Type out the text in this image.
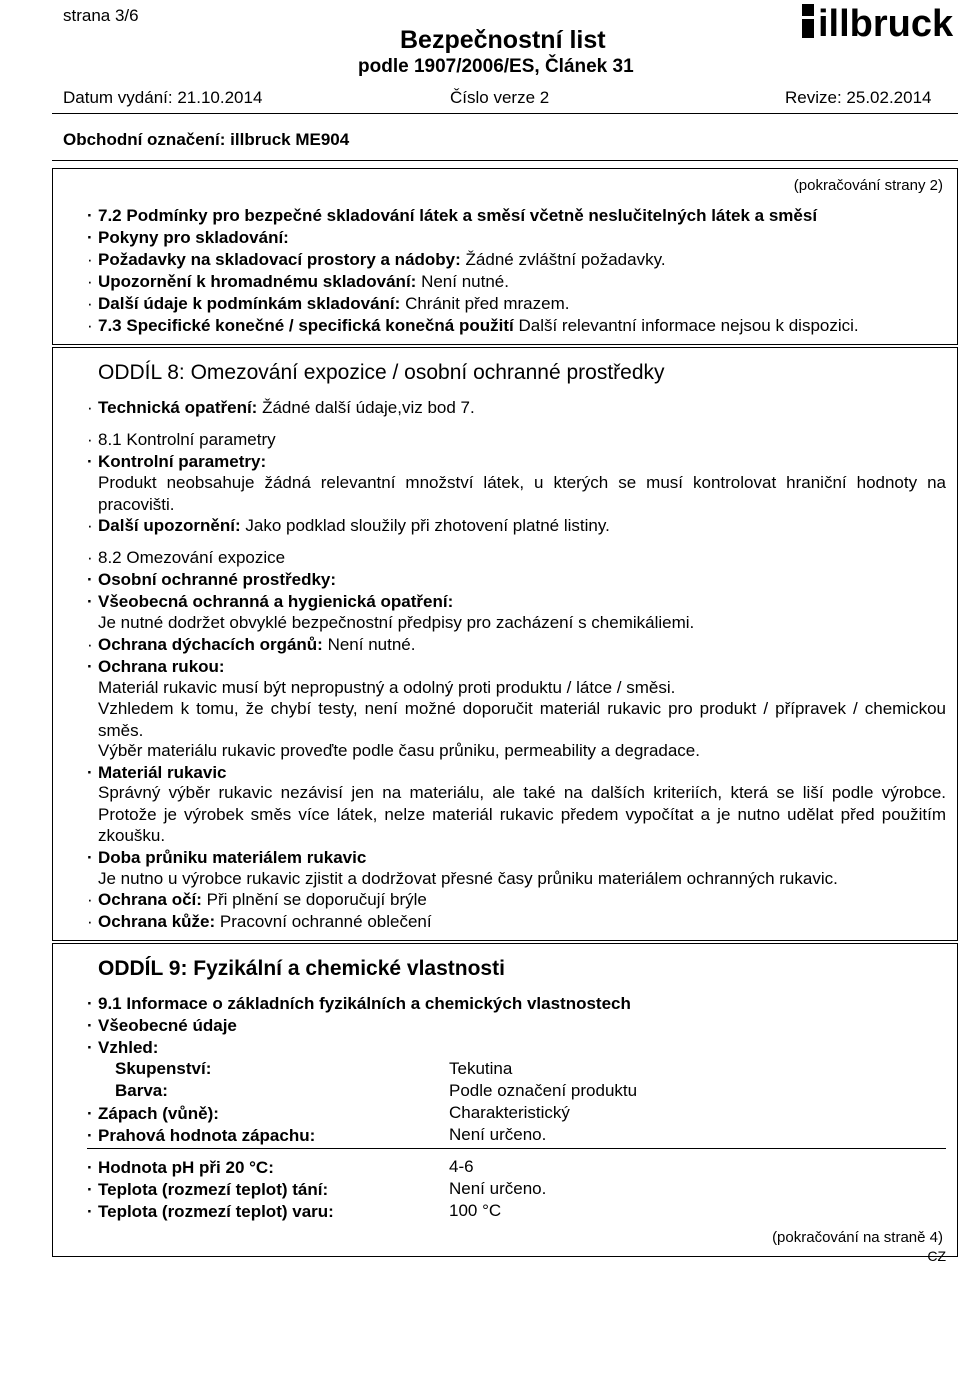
strana 3/6
Bezpečnostní list
podle 1907/2006/ES, Článek 31
illbruck
Datum vydání: 21.10.2014	Číslo verze 2	Revize: 25.02.2014
Obchodní označení: illbruck ME904
(pokračování strany 2)
· 7.2 Podmínky pro bezpečné skladování látek a směsí včetně neslučitelných látek a směsí
· Pokyny pro skladování:
· Požadavky na skladovací prostory a nádoby: Žádné zvláštní požadavky.
· Upozornění k hromadnému skladování: Není nutné.
· Další údaje k podmínkám skladování: Chránit před mrazem.
· 7.3 Specifické konečné / specifická konečná použití Další relevantní informace nejsou k dispozici.
ODDÍL 8: Omezování expozice / osobní ochranné prostředky
· Technická opatření: Žádné další údaje,viz bod 7.
· 8.1 Kontrolní parametry
· Kontrolní parametry:
Produkt neobsahuje žádná relevantní množství látek, u kterých se musí kontrolovat hraniční hodnoty na pracovišti.
· Další upozornění: Jako podklad sloužily při zhotovení platné listiny.
· 8.2 Omezování expozice
· Osobní ochranné prostředky:
· Všeobecná ochranná a hygienická opatření:
Je nutné dodržet obvyklé bezpečnostní předpisy pro zacházení s chemikáliemi.
· Ochrana dýchacích orgánů: Není nutné.
· Ochrana rukou:
Materiál rukavic musí být nepropustný a odolný proti produktu / látce / směsi.
Vzhledem k tomu, že chybí testy, není možné doporučit materiál rukavic pro produkt / přípravek / chemickou směs.
Výběr materiálu rukavic proveďte podle času průniku, permeability a degradace.
· Materiál rukavic
Správný výběr rukavic nezávisí jen na materiálu, ale také na dalších kriteriích, která se liší podle výrobce. Protože je výrobek směs více látek, nelze materiál rukavic předem vypočítat a je nutno udělat před použitím zkoušku.
· Doba průniku materiálem rukavic
Je nutno u výrobce rukavic zjistit a dodržovat přesné časy průniku materiálem ochranných rukavic.
· Ochrana očí: Při plnění se doporučují brýle
· Ochrana kůže: Pracovní ochranné oblečení
(pokračování na straně 4)
ODDÍL 9: Fyzikální a chemické vlastnosti
· 9.1 Informace o základních fyzikálních a chemických vlastnostech
· Všeobecné údaje
· Vzhled:
Skupenství:	Tekutina
Barva:	Podle označení produktu
· Zápach (vůně):	Charakteristický
· Prahová hodnota zápachu:	Není určeno.
· Hodnota pH při 20 °C:	4-6
· Teplota (rozmezí teplot) tání:	Není určeno.
· Teplota (rozmezí teplot) varu:	100 °C
CZ
